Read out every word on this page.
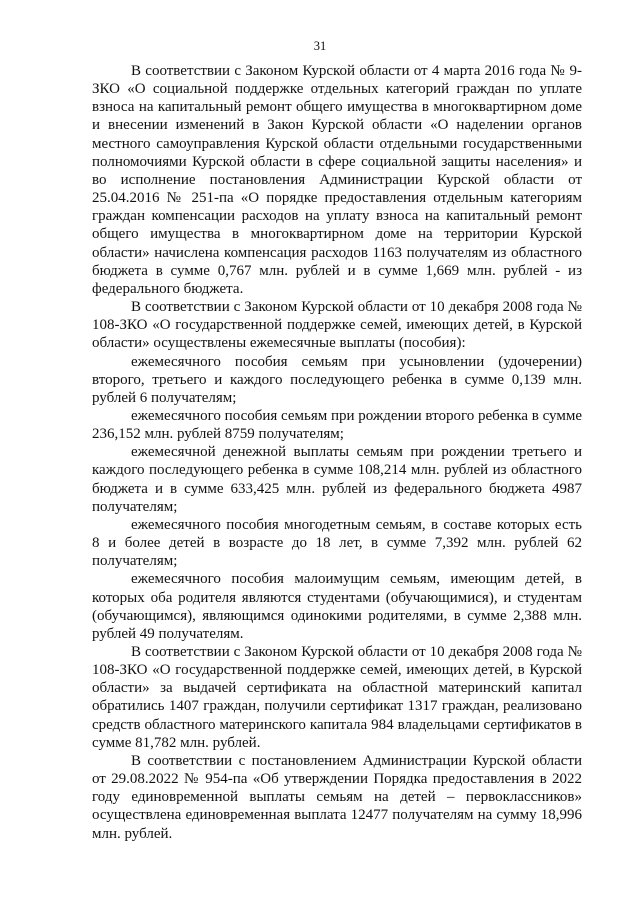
31

В соответствии с Законом Курской области от 4 марта 2016 года № 9-ЗКО «О социальной поддержке отдельных категорий граждан по уплате взноса на капитальный ремонт общего имущества в многоквартирном доме и внесении изменений в Закон Курской области «О наделении органов местного самоуправления Курской области отдельными государственными полномочиями Курской области в сфере социальной защиты населения» и во исполнение постановления Администрации Курской области от 25.04.2016 № 251-па «О порядке предоставления отдельным категориям граждан компенсации расходов на уплату взноса на капитальный ремонт общего имущества в многоквартирном доме на территории Курской области» начислена компенсация расходов 1163 получателям из областного бюджета в сумме 0,767 млн. рублей и в сумме 1,669 млн. рублей - из федерального бюджета.

В соответствии с Законом Курской области от 10 декабря 2008 года № 108-ЗКО «О государственной поддержке семей, имеющих детей, в Курской области» осуществлены ежемесячные выплаты (пособия):

ежемесячного пособия семьям при усыновлении (удочерении) второго, третьего и каждого последующего ребенка в сумме 0,139 млн. рублей 6 получателям;

ежемесячного пособия семьям при рождении второго ребенка в сумме 236,152 млн. рублей 8759 получателям;

ежемесячной денежной выплаты семьям при рождении третьего и каждого последующего ребенка в сумме 108,214 млн. рублей из областного бюджета и в сумме 633,425 млн. рублей из федерального бюджета 4987 получателям;

ежемесячного пособия многодетным семьям, в составе которых есть 8 и более детей в возрасте до 18 лет, в сумме 7,392 млн. рублей 62 получателям;

ежемесячного пособия малоимущим семьям, имеющим детей, в которых оба родителя являются студентами (обучающимися), и студентам (обучающимся), являющимся одинокими родителями, в сумме 2,388 млн. рублей 49 получателям.

В соответствии с Законом Курской области от 10 декабря 2008 года № 108-ЗКО «О государственной поддержке семей, имеющих детей, в Курской области» за выдачей сертификата на областной материнский капитал обратились 1407 граждан, получили сертификат 1317 граждан, реализовано средств областного материнского капитала 984 владельцами сертификатов в сумме 81,782 млн. рублей.

В соответствии с постановлением Администрации Курской области от 29.08.2022 № 954-па «Об утверждении Порядка предоставления в 2022 году единовременной выплаты семьям на детей – первоклассников» осуществлена единовременная выплата 12477 получателям на сумму 18,996 млн. рублей.
